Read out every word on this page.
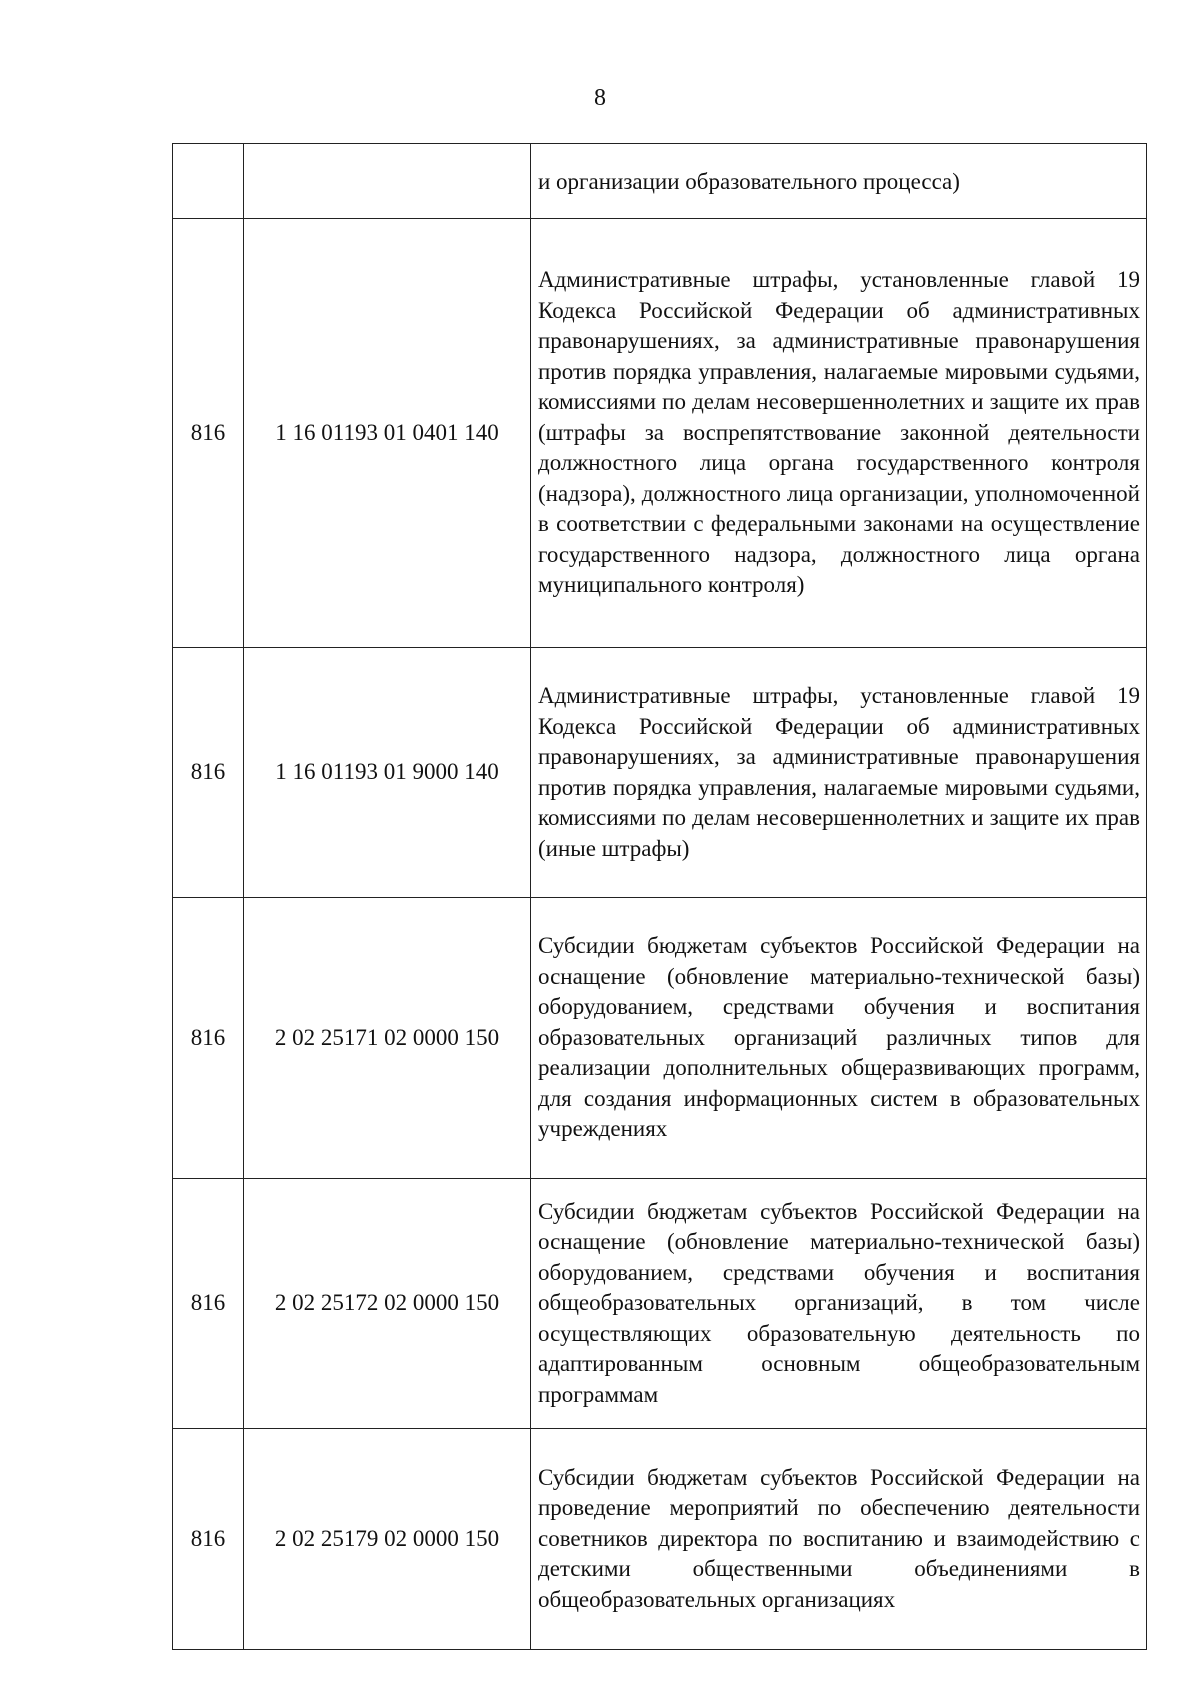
8

		и организации образовательного процесса)

816	1 16 01193 01 0401 140	Административные штрафы, установленные главой 19 Кодекса Российской Федерации об административных правонарушениях, за административные правонарушения против порядка управления, налагаемые мировыми судьями, комиссиями по делам несовершеннолетних и защите их прав (штрафы за воспрепятствование законной деятельности должностного лица органа государственного контроля (надзора), должностного лица организации, уполномоченной в соответствии с федеральными законами на осуществление государственного надзора, должностного лица органа муниципального контроля)

816	1 16 01193 01 9000 140	Административные штрафы, установленные главой 19 Кодекса Российской Федерации об административных правонарушениях, за административные правонарушения против порядка управления, налагаемые мировыми судьями, комиссиями по делам несовершеннолетних и защите их прав (иные штрафы)

816	2 02 25171 02 0000 150	Субсидии бюджетам субъектов Российской Федерации на оснащение (обновление материально-технической базы) оборудованием, средствами обучения и воспитания образовательных организаций различных типов для реализации дополнительных общеразвивающих программ, для создания информационных систем в образовательных учреждениях

816	2 02 25172 02 0000 150	Субсидии бюджетам субъектов Российской Федерации на оснащение (обновление материально-технической базы) оборудованием, средствами обучения и воспитания общеобразовательных организаций, в том числе осуществляющих образовательную деятельность по адаптированным основным общеобразовательным программам

816	2 02 25179 02 0000 150	Субсидии бюджетам субъектов Российской Федерации на проведение мероприятий по обеспечению деятельности советников директора по воспитанию и взаимодействию с детскими общественными объединениями в общеобразовательных организациях
